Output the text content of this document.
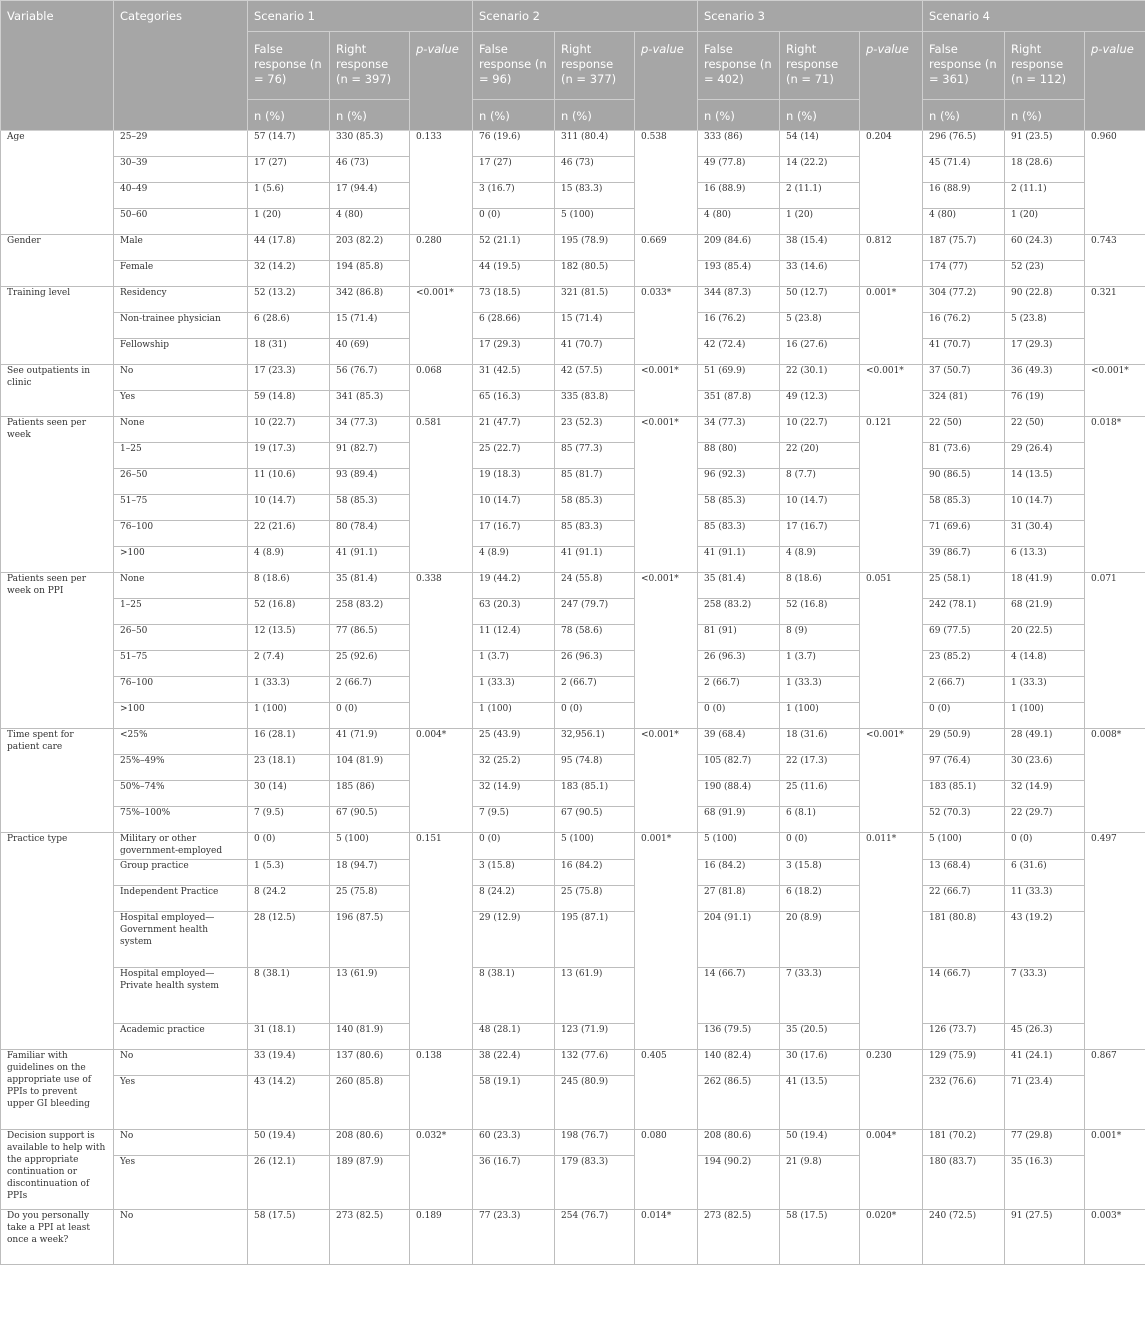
Variable	Categories	Scenario 1			Scenario 2			Scenario 3			Scenario 4		
		False response (n = 76)	Right response (n = 397)	p-value	False response (n = 96)	Right response (n = 377)	p-value	False response (n = 402)	Right response (n = 71)	p-value	False response (n = 361)	Right response (n = 112)	p-value
		n (%)	n (%)		n (%)	n (%)		n (%)	n (%)		n (%)	n (%)	
Age	25–29	57 (14.7)	330 (85.3)	0.133	76 (19.6)	311 (80.4)	0.538	333 (86)	54 (14)	0.204	296 (76.5)	91 (23.5)	0.960
	30–39	17 (27)	46 (73)		17 (27)	46 (73)		49 (77.8)	14 (22.2)		45 (71.4)	18 (28.6)	
	40–49	1 (5.6)	17 (94.4)		3 (16.7)	15 (83.3)		16 (88.9)	2 (11.1)		16 (88.9)	2 (11.1)	
	50–60	1 (20)	4 (80)		0 (0)	5 (100)		4 (80)	1 (20)		4 (80)	1 (20)	
Gender	Male	44 (17.8)	203 (82.2)	0.280	52 (21.1)	195 (78.9)	0.669	209 (84.6)	38 (15.4)	0.812	187 (75.7)	60 (24.3)	0.743
	Female	32 (14.2)	194 (85.8)		44 (19.5)	182 (80.5)		193 (85.4)	33 (14.6)		174 (77)	52 (23)	
Training level	Residency	52 (13.2)	342 (86.8)	<0.001*	73 (18.5)	321 (81.5)	0.033*	344 (87.3)	50 (12.7)	0.001*	304 (77.2)	90 (22.8)	0.321
	Non-trainee physician	6 (28.6)	15 (71.4)		6 (28.66)	15 (71.4)		16 (76.2)	5 (23.8)		16 (76.2)	5 (23.8)	
	Fellowship	18 (31)	40 (69)		17 (29.3)	41 (70.7)		42 (72.4)	16 (27.6)		41 (70.7)	17 (29.3)	
See outpatients in clinic	No	17 (23.3)	56 (76.7)	0.068	31 (42.5)	42 (57.5)	<0.001*	51 (69.9)	22 (30.1)	<0.001*	37 (50.7)	36 (49.3)	<0.001*
	Yes	59 (14.8)	341 (85.3)		65 (16.3)	335 (83.8)		351 (87.8)	49 (12.3)		324 (81)	76 (19)	
Patients seen per week	None	10 (22.7)	34 (77.3)	0.581	21 (47.7)	23 (52.3)	<0.001*	34 (77.3)	10 (22.7)	0.121	22 (50)	22 (50)	0.018*
	1–25	19 (17.3)	91 (82.7)		25 (22.7)	85 (77.3)		88 (80)	22 (20)		81 (73.6)	29 (26.4)	
	26–50	11 (10.6)	93 (89.4)		19 (18.3)	85 (81.7)		96 (92.3)	8 (7.7)		90 (86.5)	14 (13.5)	
	51–75	10 (14.7)	58 (85.3)		10 (14.7)	58 (85.3)		58 (85.3)	10 (14.7)		58 (85.3)	10 (14.7)	
	76–100	22 (21.6)	80 (78.4)		17 (16.7)	85 (83.3)		85 (83.3)	17 (16.7)		71 (69.6)	31 (30.4)	
	>100	4 (8.9)	41 (91.1)		4 (8.9)	41 (91.1)		41 (91.1)	4 (8.9)		39 (86.7)	6 (13.3)	
Patients seen per week on PPI	None	8 (18.6)	35 (81.4)	0.338	19 (44.2)	24 (55.8)	<0.001*	35 (81.4)	8 (18.6)	0.051	25 (58.1)	18 (41.9)	0.071
	1–25	52 (16.8)	258 (83.2)		63 (20.3)	247 (79.7)		258 (83.2)	52 (16.8)		242 (78.1)	68 (21.9)	
	26–50	12 (13.5)	77 (86.5)		11 (12.4)	78 (58.6)		81 (91)	8 (9)		69 (77.5)	20 (22.5)	
	51–75	2 (7.4)	25 (92.6)		1 (3.7)	26 (96.3)		26 (96.3)	1 (3.7)		23 (85.2)	4 (14.8)	
	76–100	1 (33.3)	2 (66.7)		1 (33.3)	2 (66.7)		2 (66.7)	1 (33.3)		2 (66.7)	1 (33.3)	
	>100	1 (100)	0 (0)		1 (100)	0 (0)		0 (0)	1 (100)		0 (0)	1 (100)	
Time spent for patient care	<25%	16 (28.1)	41 (71.9)	0.004*	25 (43.9)	32,956.1)	<0.001*	39 (68.4)	18 (31.6)	<0.001*	29 (50.9)	28 (49.1)	0.008*
	25%–49%	23 (18.1)	104 (81.9)		32 (25.2)	95 (74.8)		105 (82.7)	22 (17.3)		97 (76.4)	30 (23.6)	
	50%–74%	30 (14)	185 (86)		32 (14.9)	183 (85.1)		190 (88.4)	25 (11.6)		183 (85.1)	32 (14.9)	
	75%–100%	7 (9.5)	67 (90.5)		7 (9.5)	67 (90.5)		68 (91.9)	6 (8.1)		52 (70.3)	22 (29.7)	
Practice type	Military or other government-employed	0 (0)	5 (100)	0.151	0 (0)	5 (100)	0.001*	5 (100)	0 (0)	0.011*	5 (100)	0 (0)	0.497
	Group practice	1 (5.3)	18 (94.7)		3 (15.8)	16 (84.2)		16 (84.2)	3 (15.8)		13 (68.4)	6 (31.6)	
	Independent Practice	8 (24.2	25 (75.8)		8 (24.2)	25 (75.8)		27 (81.8)	6 (18.2)		22 (66.7)	11 (33.3)	
	Hospital employed—Government health system	28 (12.5)	196 (87.5)		29 (12.9)	195 (87.1)		204 (91.1)	20 (8.9)		181 (80.8)	43 (19.2)	
	Hospital employed—Private health system	8 (38.1)	13 (61.9)		8 (38.1)	13 (61.9)		14 (66.7)	7 (33.3)		14 (66.7)	7 (33.3)	
	Academic practice	31 (18.1)	140 (81.9)		48 (28.1)	123 (71.9)		136 (79.5)	35 (20.5)		126 (73.7)	45 (26.3)	
Familiar with guidelines on the appropriate use of PPIs to prevent upper GI bleeding	No	33 (19.4)	137 (80.6)	0.138	38 (22.4)	132 (77.6)	0.405	140 (82.4)	30 (17.6)	0.230	129 (75.9)	41 (24.1)	0.867
	Yes	43 (14.2)	260 (85.8)		58 (19.1)	245 (80.9)		262 (86.5)	41 (13.5)		232 (76.6)	71 (23.4)	
Decision support is available to help with the appropriate continuation or discontinuation of PPIs	No	50 (19.4)	208 (80.6)	0.032*	60 (23.3)	198 (76.7)	0.080	208 (80.6)	50 (19.4)	0.004*	181 (70.2)	77 (29.8)	0.001*
	Yes	26 (12.1)	189 (87.9)		36 (16.7)	179 (83.3)		194 (90.2)	21 (9.8)		180 (83.7)	35 (16.3)	
Do you personally take a PPI at least once a week?	No	58 (17.5)	273 (82.5)	0.189	77 (23.3)	254 (76.7)	0.014*	273 (82.5)	58 (17.5)	0.020*	240 (72.5)	91 (27.5)	0.003*
